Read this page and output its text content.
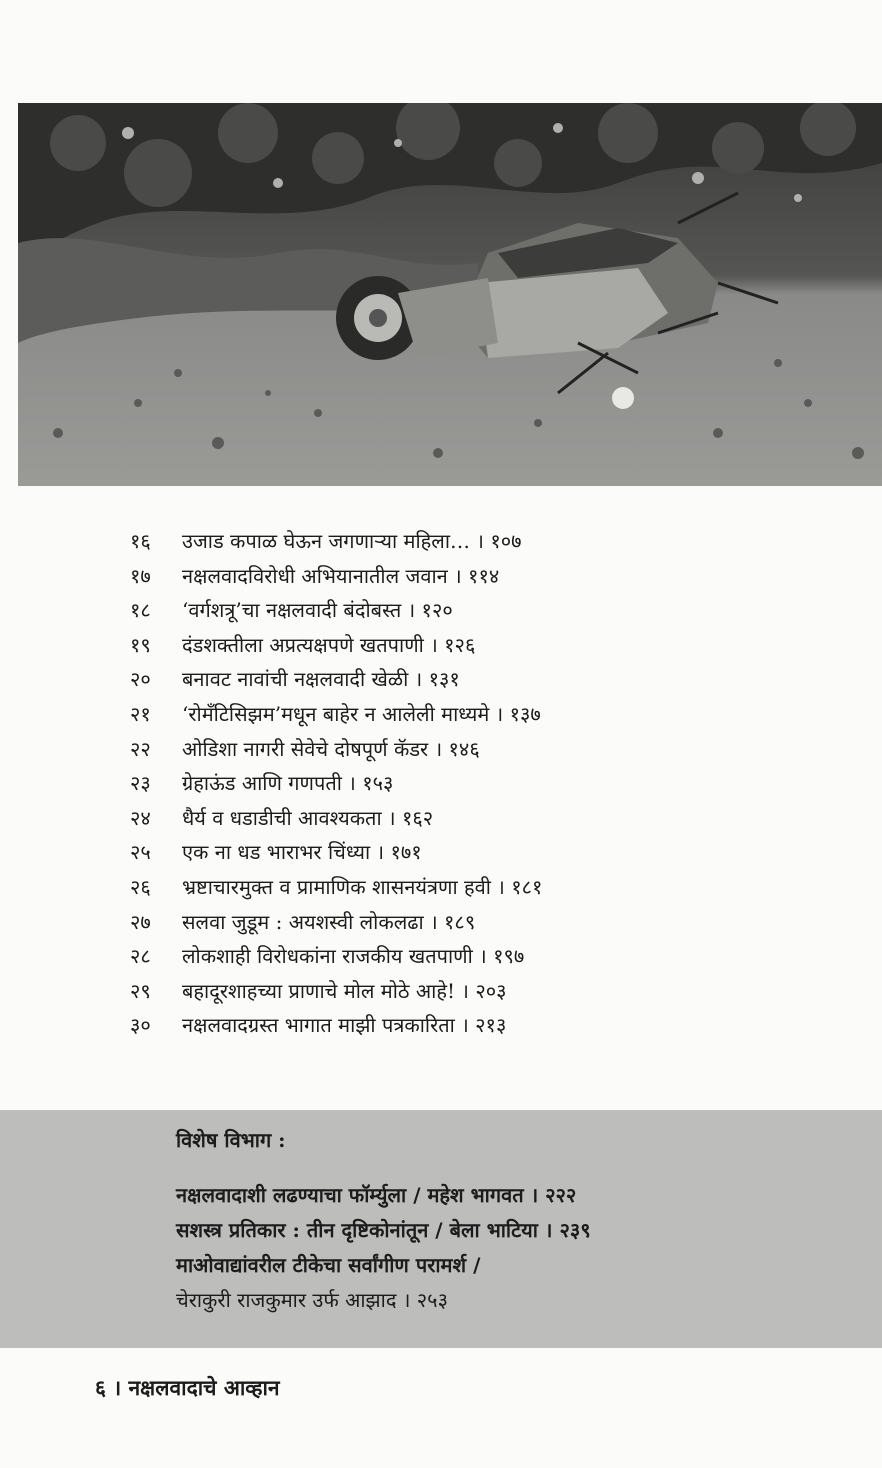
१६ उजाड कपाळ घेऊन जगणाऱ्या महिला… । १०७
१७ नक्षलवादविरोधी अभियानातील जवान । ११४
१८ ‘वर्गशत्रू’चा नक्षलवादी बंदोबस्त । १२०
१९ दंडशक्तीला अप्रत्यक्षपणे खतपाणी । १२६
२० बनावट नावांची नक्षलवादी खेळी । १३१
२१ ‘रोमँटिसिझम’मधून बाहेर न आलेली माध्यमे । १३७
२२ ओडिशा नागरी सेवेचे दोषपूर्ण कॅडर । १४६
२३ ग्रेहाऊंड आणि गणपती । १५३
२४ धैर्य व धडाडीची आवश्यकता । १६२
२५ एक ना धड भाराभर चिंध्या । १७१
२६ भ्रष्टाचारमुक्त व प्रामाणिक शासनयंत्रणा हवी । १८१
२७ सलवा जुडूम : अयशस्वी लोकलढा । १८९
२८ लोकशाही विरोधकांना राजकीय खतपाणी । १९७
२९ बहादूरशाहच्या प्राणाचे मोल मोठे आहे! । २०३
३० नक्षलवादग्रस्त भागात माझी पत्रकारिता । २१३
विशेष विभाग :
नक्षलवादाशी लढण्याचा फॉर्म्युला / महेश भागवत । २२२
सशस्त्र प्रतिकार : तीन दृष्टिकोनांतून / बेला भाटिया । २३९
माओवाद्यांवरील टीकेचा सर्वांगीण परामर्श /
चेराकुरी राजकुमार उर्फ आझाद । २५३
६ । नक्षलवादाचे आव्हान
